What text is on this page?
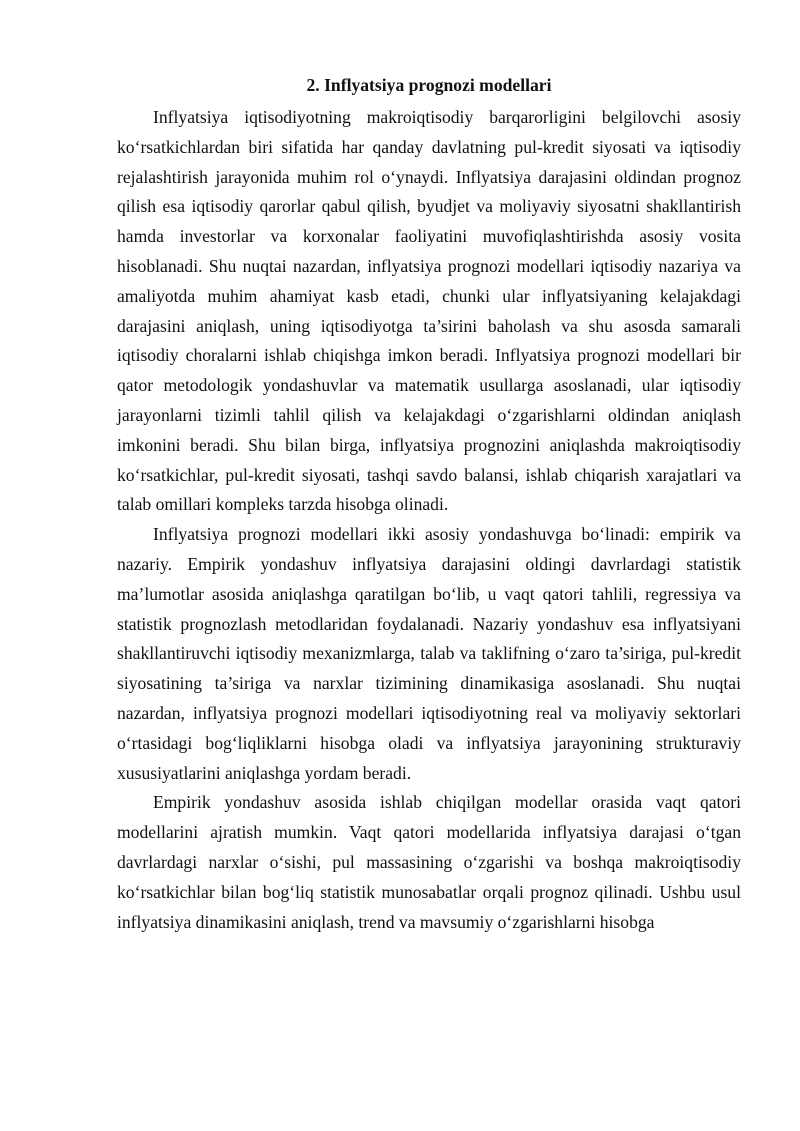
2. Inflyatsiya prognozi modellari

Inflyatsiya iqtisodiyotning makroiqtisodiy barqarorligini belgilovchi asosiy ko‘rsatkichlardan biri sifatida har qanday davlatning pul-kredit siyosati va iqtisodiy rejalashtirish jarayonida muhim rol o‘ynaydi. Inflyatsiya darajasini oldindan prognoz qilish esa iqtisodiy qarorlar qabul qilish, byudjet va moliyaviy siyosatni shakllantirish hamda investorlar va korxonalar faoliyatini muvofiqlashtirishda asosiy vosita hisoblanadi. Shu nuqtai nazardan, inflyatsiya prognozi modellari iqtisodiy nazariya va amaliyotda muhim ahamiyat kasb etadi, chunki ular inflyatsiyaning kelajakdagi darajasini aniqlash, uning iqtisodiyotga ta’sirini baholash va shu asosda samarali iqtisodiy choralarni ishlab chiqishga imkon beradi. Inflyatsiya prognozi modellari bir qator metodologik yondashuvlar va matematik usullarga asoslanadi, ular iqtisodiy jarayonlarni tizimli tahlil qilish va kelajakdagi o‘zgarishlarni oldindan aniqlash imkonini beradi. Shu bilan birga, inflyatsiya prognozini aniqlashda makroiqtisodiy ko‘rsatkichlar, pul-kredit siyosati, tashqi savdo balansi, ishlab chiqarish xarajatlari va talab omillari kompleks tarzda hisobga olinadi.

Inflyatsiya prognozi modellari ikki asosiy yondashuvga bo‘linadi: empirik va nazariy. Empirik yondashuv inflyatsiya darajasini oldingi davrlardagi statistik ma’lumotlar asosida aniqlashga qaratilgan bo‘lib, u vaqt qatori tahlili, regressiya va statistik prognozlash metodlaridan foydalanadi. Nazariy yondashuv esa inflyatsiyani shakllantiruvchi iqtisodiy mexanizmlarga, talab va taklifning o‘zaro ta’siriga, pul-kredit siyosatining ta’siriga va narxlar tizimining dinamikasiga asoslanadi. Shu nuqtai nazardan, inflyatsiya prognozi modellari iqtisodiyotning real va moliyaviy sektorlari o‘rtasidagi bog‘liqliklarni hisobga oladi va inflyatsiya jarayonining strukturaviy xususiyatlarini aniqlashga yordam beradi.

Empirik yondashuv asosida ishlab chiqilgan modellar orasida vaqt qatori modellarini ajratish mumkin. Vaqt qatori modellarida inflyatsiya darajasi o‘tgan davrlardagi narxlar o‘sishi, pul massasining o‘zgarishi va boshqa makroiqtisodiy ko‘rsatkichlar bilan bog‘liq statistik munosabatlar orqali prognoz qilinadi. Ushbu usul inflyatsiya dinamikasini aniqlash, trend va mavsumiy o‘zgarishlarni hisobga
